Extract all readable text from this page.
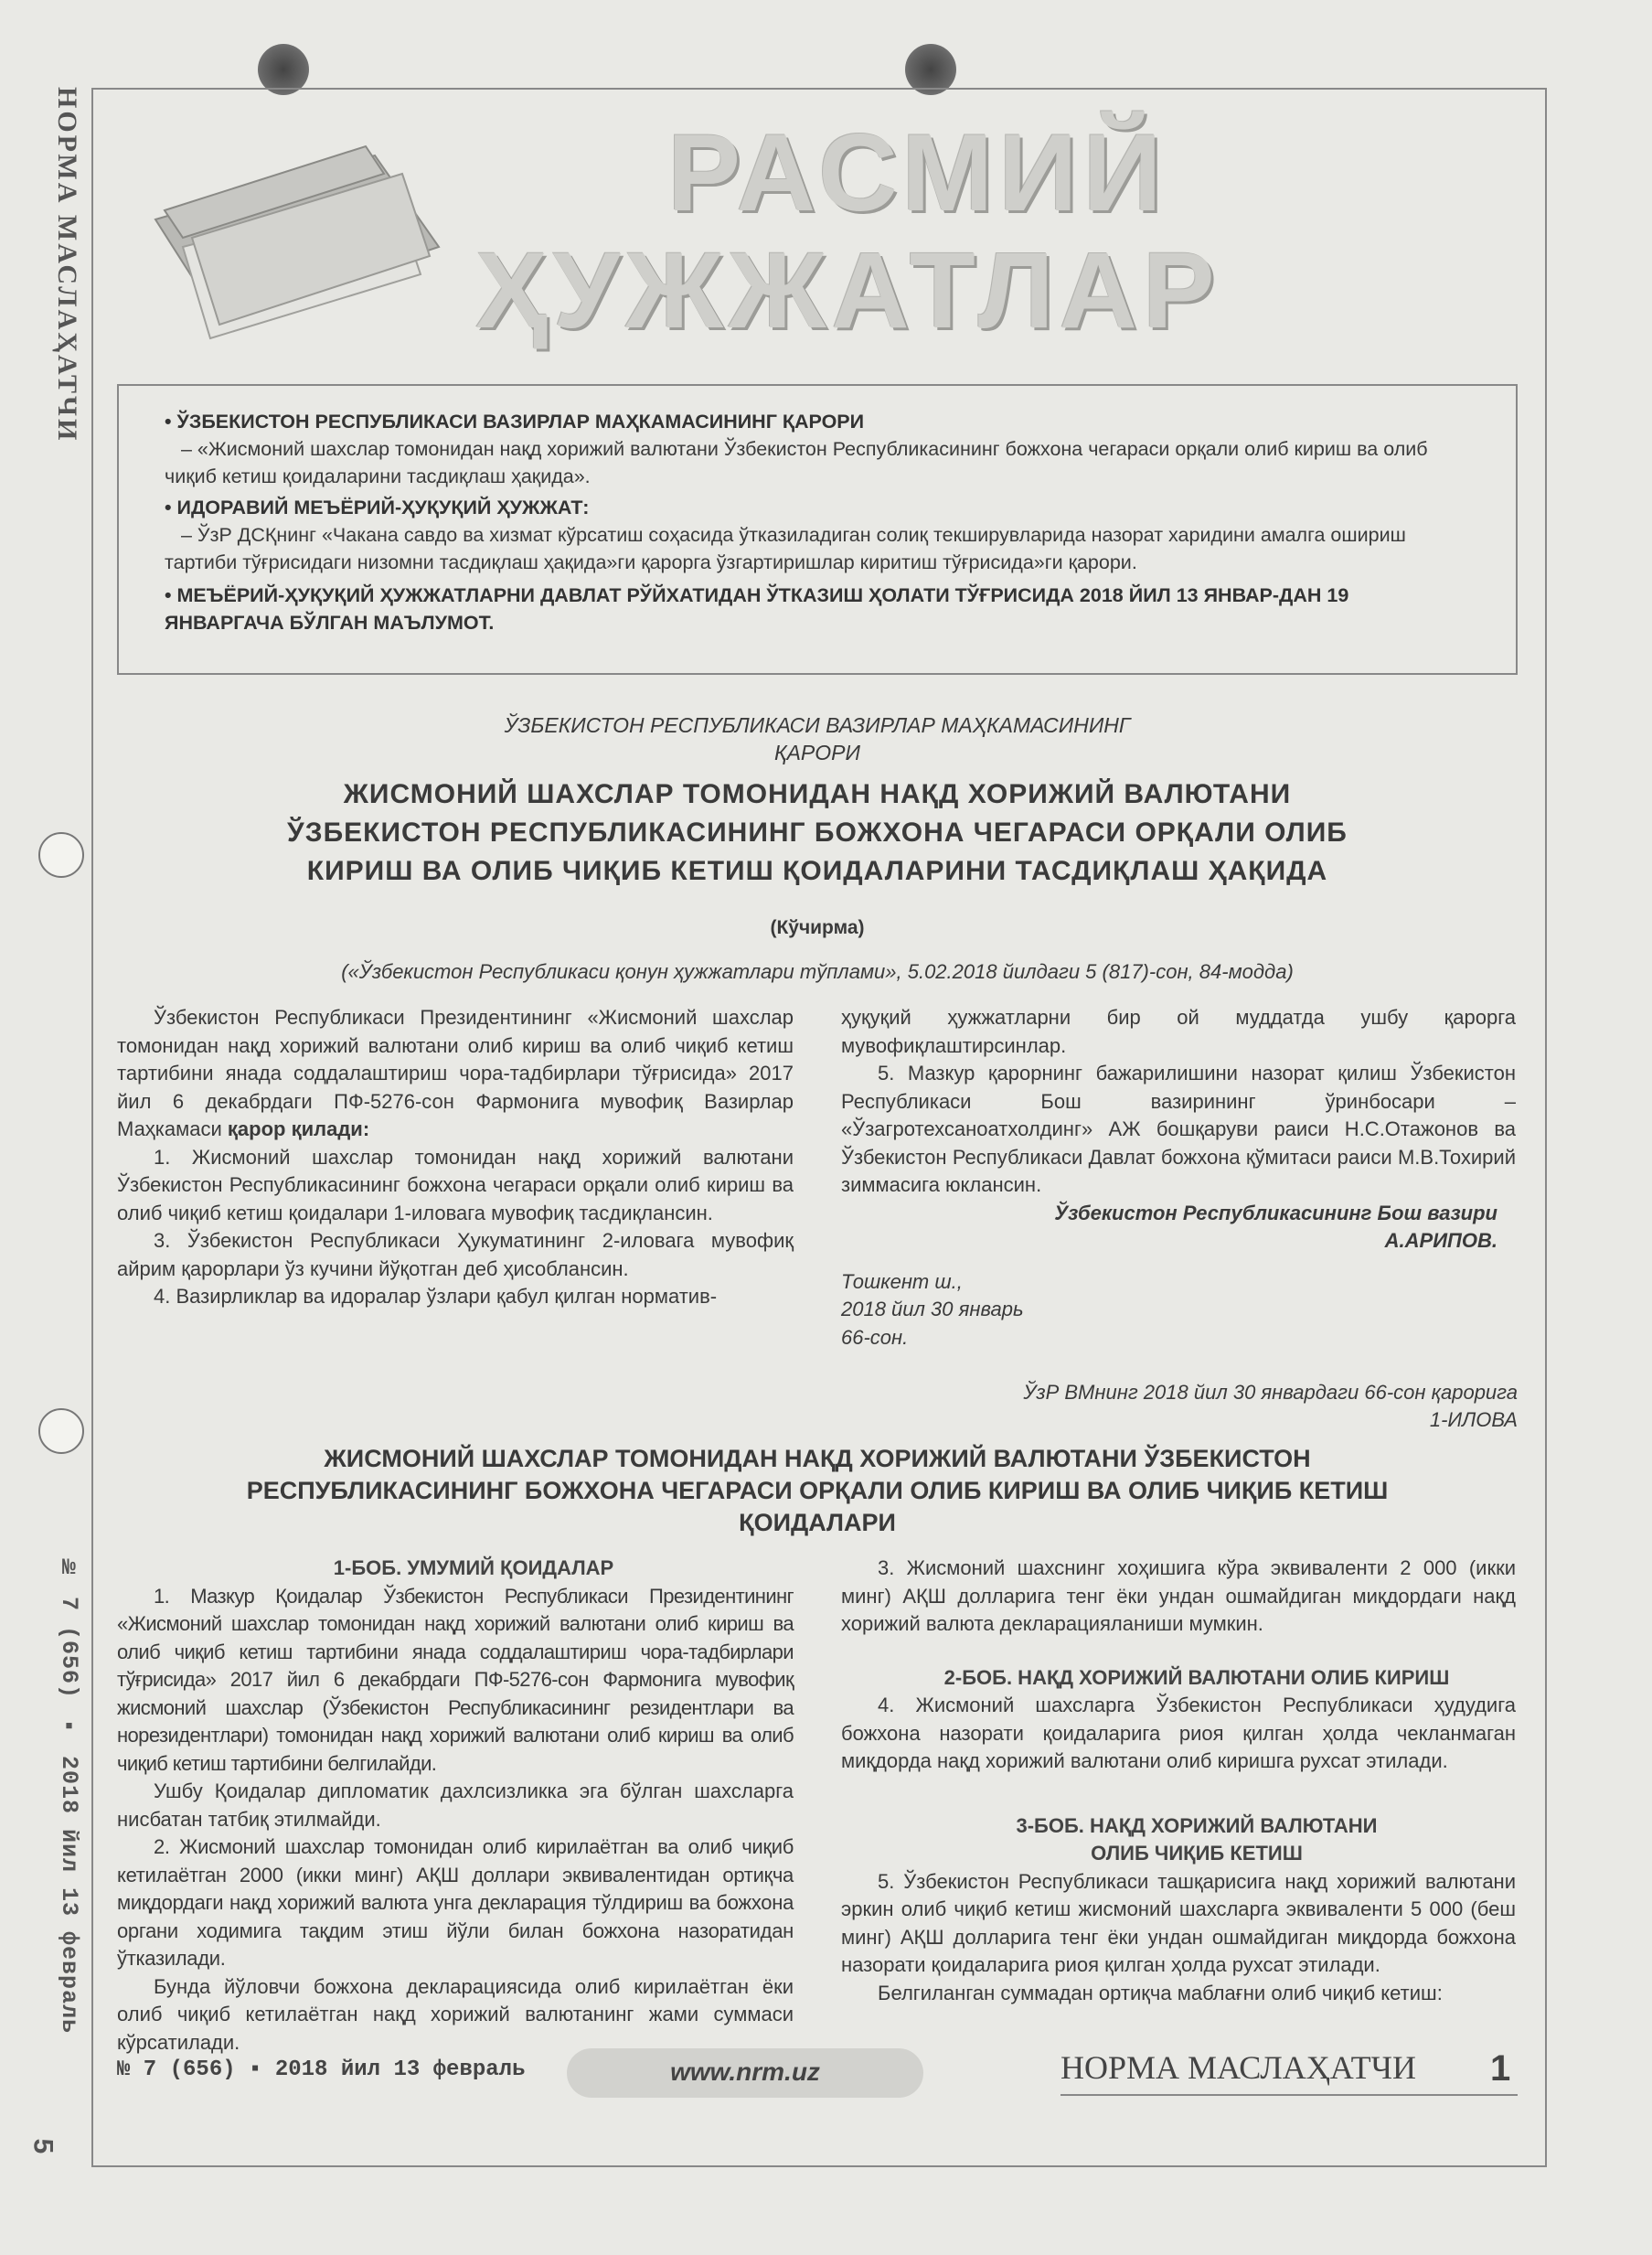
НОРМА МАСЛАҲАТЧИ
№ 7 (656) ▪ 2018 йил 13 февраль
5
РАСМИЙ
ҲУЖЖАТЛАР

• ЎЗБЕКИСТОН РЕСПУБЛИКАСИ ВАЗИРЛАР МАҲКАМАСИНИНГ ҚАРОРИ

– «Жисмоний шахслар томонидан нақд хорижий валютани Ўзбекистон Республикасининг божхона чегараси орқали олиб кириш ва олиб чиқиб кетиш қоидаларини тасдиқлаш ҳақида».

• ИДОРАВИЙ МЕЪЁРИЙ-ҲУҚУҚИЙ ҲУЖЖАТ:

– ЎзР ДСҚнинг «Чакана савдо ва хизмат кўрсатиш соҳасида ўтказиладиган солиқ текширувларида назорат харидини амалга ошириш тартиби тўғрисидаги низомни тасдиқлаш ҳақида»ги қарорга ўзгартиришлар киритиш тўғрисида»ги қарори.

• МЕЪЁРИЙ-ҲУҚУҚИЙ ҲУЖЖАТЛАРНИ ДАВЛАТ РЎЙХАТИДАН ЎТКАЗИШ ҲОЛАТИ ТЎҒРИСИДА 2018 ЙИЛ 13 ЯНВАР-ДАН 19 ЯНВАРГАЧА БЎЛГАН МАЪЛУМОТ.

ЎЗБЕКИСТОН РЕСПУБЛИКАСИ ВАЗИРЛАР МАҲКАМАСИНИНГ
ҚАРОРИ
ЖИСМОНИЙ ШАХСЛАР ТОМОНИДАН НАҚД ХОРИЖИЙ ВАЛЮТАНИ
ЎЗБЕКИСТОН РЕСПУБЛИКАСИНИНГ БОЖХОНА ЧЕГАРАСИ ОРҚАЛИ ОЛИБ
КИРИШ ВА ОЛИБ ЧИҚИБ КЕТИШ ҚОИДАЛАРИНИ ТАСДИҚЛАШ ҲАҚИДА
(Кўчирма)
(«Ўзбекистон Республикаси қонун ҳужжатлари тўплами», 5.02.2018 йилдаги 5 (817)-сон, 84-модда)

Ўзбекистон Республикаси Президентининг «Жисмоний шахслар томонидан нақд хорижий валютани олиб кириш ва олиб чиқиб кетиш тартибини янада соддалаштириш чора-тадбирлари тўғрисида» 2017 йил 6 декабрдаги ПФ-5276-сон Фармонига мувофиқ Вазирлар Маҳкамаси қарор қилади:

1. Жисмоний шахслар томонидан нақд хорижий валютани Ўзбекистон Республикасининг божхона чегараси орқали олиб кириш ва олиб чиқиб кетиш қоидалари 1-иловага мувофиқ тасдиқлансин.

3. Ўзбекистон Республикаси Ҳукуматининг 2-иловага мувофиқ айрим қарорлари ўз кучини йўқотган деб ҳисоблансин.

4. Вазирликлар ва идоралар ўзлари қабул қилган норматив-

ҳуқуқий ҳужжатларни бир ой муддатда ушбу қарорга мувофиқлаштирсинлар.

5. Мазкур қарорнинг бажарилишини назорат қилиш Ўзбекистон Республикаси Бош вазирининг ўринбосари – «Ўзагротехсаноатхолдинг» АЖ бошқаруви раиси Н.С.Отажонов ва Ўзбекистон Республикаси Давлат божхона қўмитаси раиси М.В.Тохирий зиммасига юклансин.

Ўзбекистон Республикасининг Бош вазири
А.АРИПОВ.
Тошкент ш.,
2018 йил 30 январь
66-сон.
ЎзР ВМнинг 2018 йил 30 январдаги 66-сон қарорига
1-ИЛОВА
ЖИСМОНИЙ ШАХСЛАР ТОМОНИДАН НАҚД ХОРИЖИЙ ВАЛЮТАНИ ЎЗБЕКИСТОН
РЕСПУБЛИКАСИНИНГ БОЖХОНА ЧЕГАРАСИ ОРҚАЛИ ОЛИБ КИРИШ ВА ОЛИБ ЧИҚИБ КЕТИШ
ҚОИДАЛАРИ

1-БОБ. УМУМИЙ ҚОИДАЛАР

1. Мазкур Қоидалар Ўзбекистон Республикаси Президентининг «Жисмоний шахслар томонидан нақд хорижий валютани олиб кириш ва олиб чиқиб кетиш тартибини янада соддалаштириш чора-тадбирлари тўғрисида» 2017 йил 6 декабрдаги ПФ-5276-сон Фармонига мувофиқ жисмоний шахслар (Ўзбекистон Республикасининг резидентлари ва норезидентлари) томонидан нақд хорижий валютани олиб кириш ва олиб чиқиб кетиш тартибини белгилайди.

Ушбу Қоидалар дипломатик дахлсизликка эга бўлган шахсларга нисбатан татбиқ этилмайди.

2. Жисмоний шахслар томонидан олиб кирилаётган ва олиб чиқиб кетилаётган 2000 (икки минг) АҚШ доллари эквивалентидан ортиқча миқдордаги нақд хорижий валюта унга декларация тўлдириш ва божхона органи ходимига тақдим этиш йўли билан божхона назоратидан ўтказилади.

Бунда йўловчи божхона декларациясида олиб кирилаётган ёки олиб чиқиб кетилаётган нақд хорижий валютанинг жами суммаси кўрсатилади.

3. Жисмоний шахснинг хоҳишига кўра эквиваленти 2 000 (икки минг) АҚШ долларига тенг ёки ундан ошмайдиган миқдордаги нақд хорижий валюта декларацияланиши мумкин.

2-БОБ. НАҚД ХОРИЖИЙ ВАЛЮТАНИ ОЛИБ КИРИШ

4. Жисмоний шахсларга Ўзбекистон Республикаси ҳудудига божхона назорати қоидаларига риоя қилган ҳолда чекланмаган миқдорда нақд хорижий валютани олиб киришга рухсат этилади.

3-БОБ. НАҚД ХОРИЖИЙ ВАЛЮТАНИ

ОЛИБ ЧИҚИБ КЕТИШ

5. Ўзбекистон Республикаси ташқарисига нақд хорижий валютани эркин олиб чиқиб кетиш жисмоний шахсларга эквиваленти 5 000 (беш минг) АҚШ долларига тенг ёки ундан ошмайдиган миқдорда божхона назорати қоидаларига риоя қилган ҳолда рухсат этилади.

Белгиланган суммадан ортиқча маблағни олиб чиқиб кетиш:

№ 7 (656) ▪ 2018 йил 13 февраль	www.nrm.uz	НОРМА МАСЛАҲАТЧИ 1
